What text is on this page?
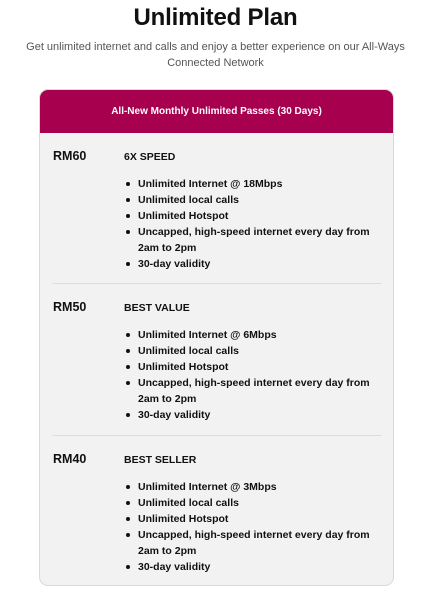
Unlimited Plan

Get unlimited internet and calls and enjoy a better experience on our All-Ways Connected Network

All-New Monthly Unlimited Passes (30 Days)
RM60	6X SPEED
Unlimited Internet @ 18Mbps
Unlimited local calls
Unlimited Hotspot
Uncapped, high-speed internet every day from 2am to 2pm
30-day validity
RM50	BEST VALUE
Unlimited Internet @ 6Mbps
Unlimited local calls
Unlimited Hotspot
Uncapped, high-speed internet every day from 2am to 2pm
30-day validity
RM40	BEST SELLER
Unlimited Internet @ 3Mbps
Unlimited local calls
Unlimited Hotspot
Uncapped, high-speed internet every day from 2am to 2pm
30-day validity
